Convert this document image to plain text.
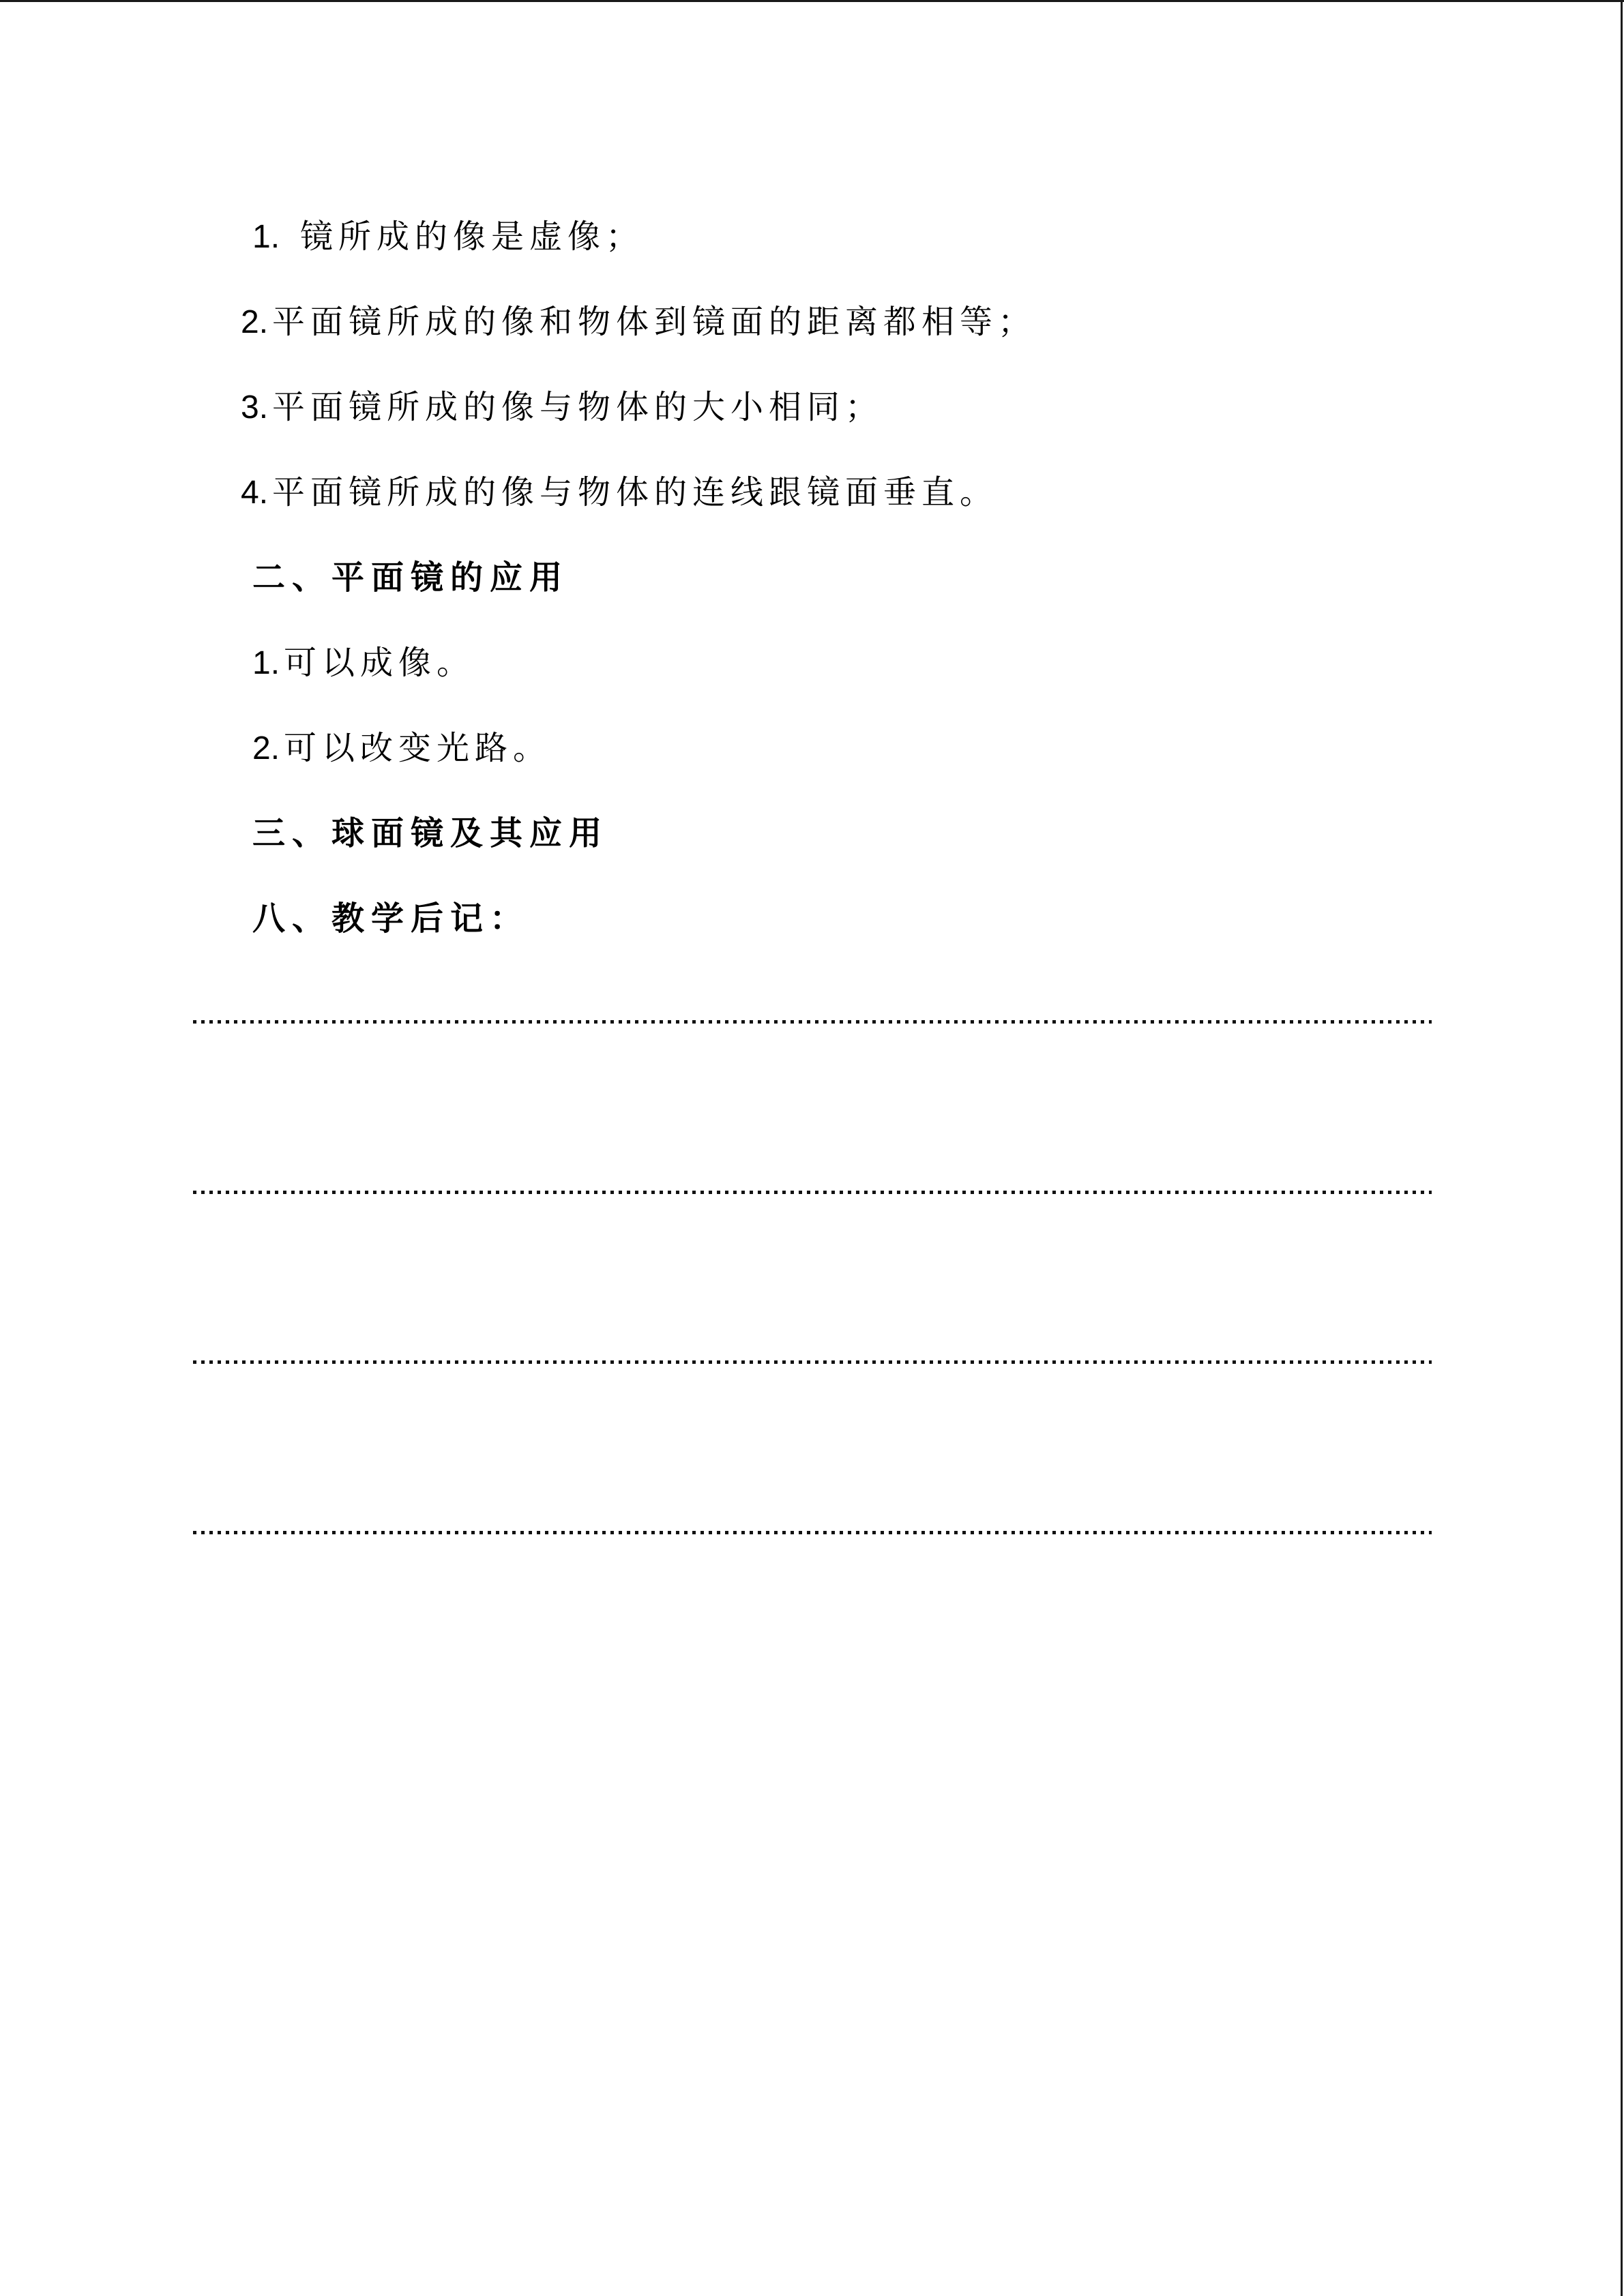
1. 镜所成的像是虚像；
2. 平面镜所成的像和物体到镜面的距离都相等；
3. 平面镜所成的像与物体的大小相同；
4. 平面镜所成的像与物体的连线跟镜面垂直。
二、平面镜的应用
1. 可以成像。
2. 可以改变光路。
三、球面镜及其应用
八、教学后记：
